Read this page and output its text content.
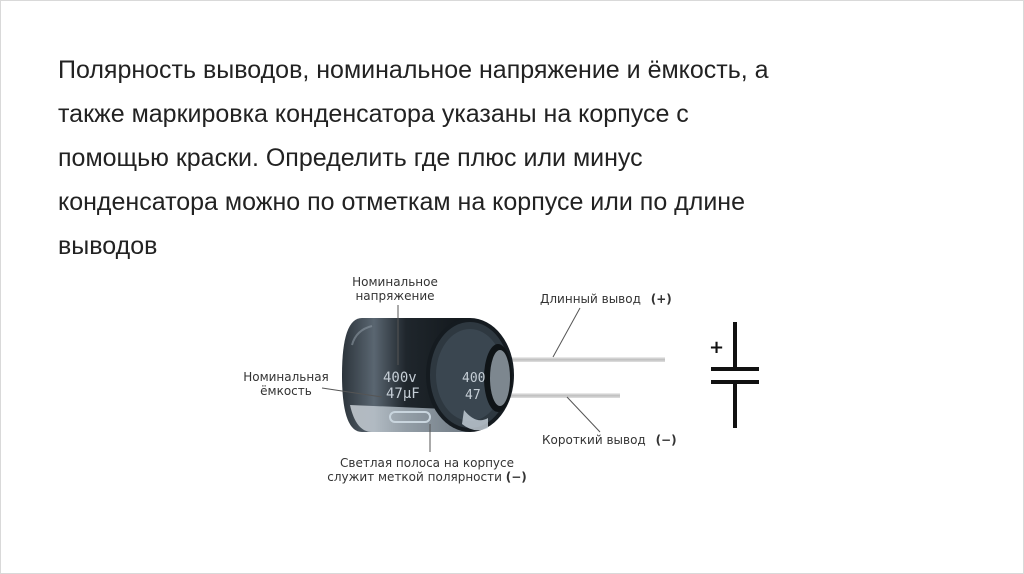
Полярность выводов, номинальное напряжение и ёмкость, а
также маркировка конденсатора указаны на корпусе с
помощью краски. Определить где плюс или минус
конденсатора можно по отметкам на корпусе или по длине
выводов
400v
47µF
400
47
Номинальное
напряжение
Номинальная
ёмкость
Длинный вывод (+)
Короткий вывод (−)
Светлая полоса на корпусе
служит меткой полярности (−)
+
